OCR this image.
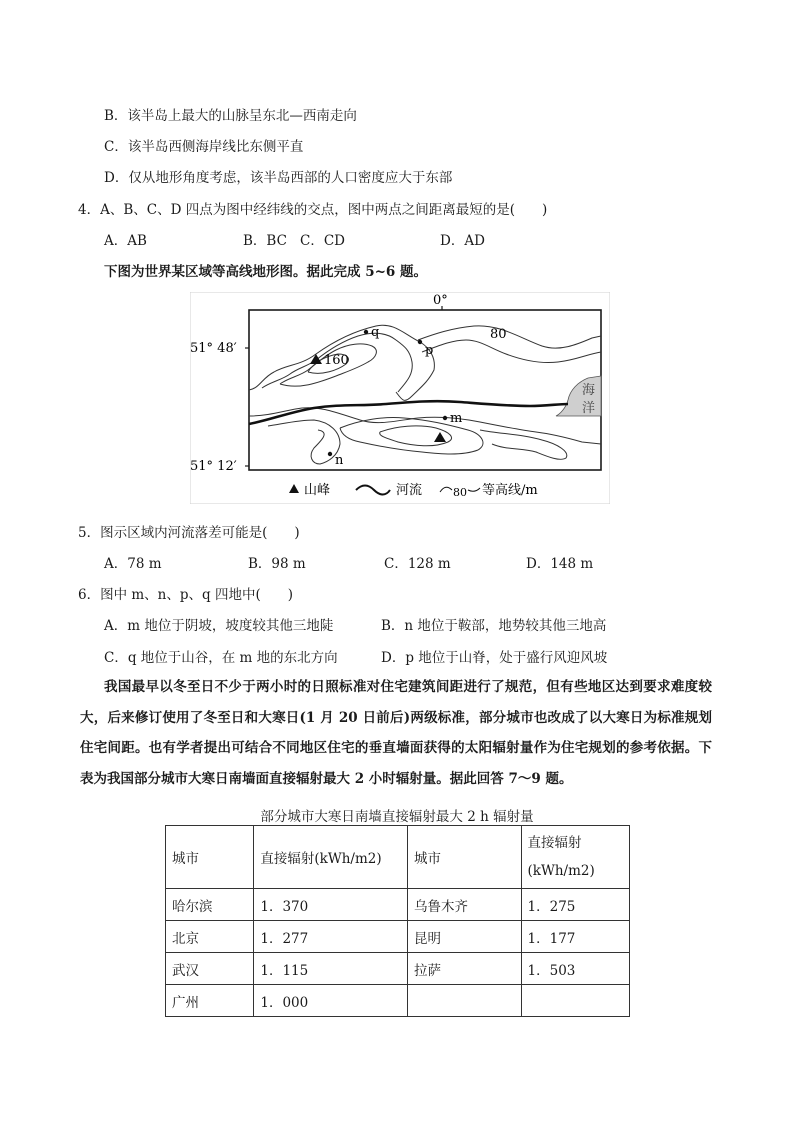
B．该半岛上最大的山脉呈东北—西南走向
C．该半岛西侧海岸线比东侧平直
D．仅从地形角度考虑，该半岛西部的人口密度应大于东部
4．A、B、C、D 四点为图中经纬线的交点，图中两点之间距离最短的是(　　)
A．AB	B．BC C．CD	D．AD
下图为世界某区域等高线地形图。据此完成 5~6 题。
0°
51° 48′
51° 12′
海
洋
160
q
p
m
n
80
山峰	河流	80 等高线/m
5．图示区域内河流落差可能是(　　)
A．78 m	B．98 m	C．128 m	D．148 m
6．图中 m、n、p、q 四地中(　　)
A．m 地位于阴坡，坡度较其他三地陡	B．n 地位于鞍部，地势较其他三地高
C．q 地位于山谷，在 m 地的东北方向	D．p 地位于山脊，处于盛行风迎风坡
我国最早以冬至日不少于两小时的日照标准对住宅建筑间距进行了规范，但有些地区达到要求难度较大，后来修订使用了冬至日和大寒日(1 月 20 日前后)两级标准，部分城市也改成了以大寒日为标准规划住宅间距。也有学者提出可结合不同地区住宅的垂直墙面获得的太阳辐射量作为住宅规划的参考依据。下表为我国部分城市大寒日南墙面直接辐射最大 2 小时辐射量。据此回答 7～9 题。
部分城市大寒日南墙直接辐射最大 2 h 辐射量
城市	直接辐射(kWh/m2)	城市	直接辐射(kWh/m2)
哈尔滨	1．370	乌鲁木齐	1．275
北京	1．277	昆明	1．177
武汉	1．115	拉萨	1．503
广州	1．000		
